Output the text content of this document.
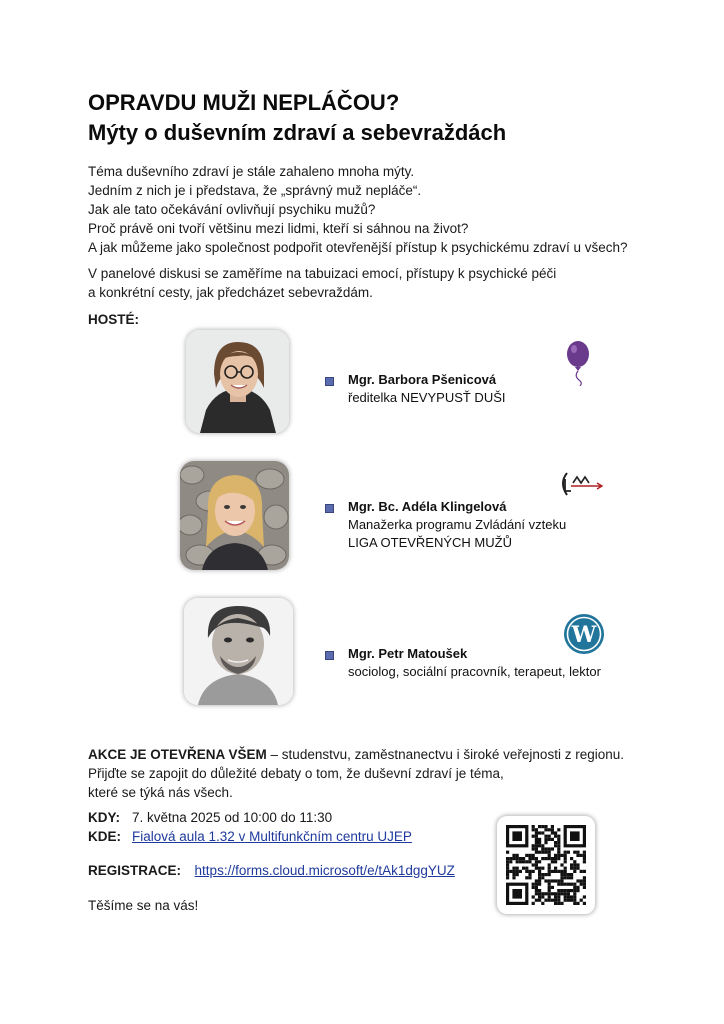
OPRAVDU MUŽI NEPLÁČOU?
Mýty o duševním zdraví a sebevraždách
Téma duševního zdraví je stále zahaleno mnoha mýty.
Jedním z nich je i představa, že „správný muž nepláče“.
Jak ale tato očekávání ovlivňují psychiku mužů?
Proč právě oni tvoří většinu mezi lidmi, kteří si sáhnou na život?
A jak můžeme jako společnost podpořit otevřenější přístup k psychickému zdraví u všech?
V panelové diskusi se zaměříme na tabuizaci emocí, přístupy k psychické péči
a konkrétní cesty, jak předcházet sebevraždám.
HOSTÉ:
Mgr. Barbora Pšenicová
ředitelka NEVYPUSŤ DUŠI
Mgr. Bc. Adéla Klingelová
Manažerka programu Zvládání vzteku
LIGA OTEVŘENÝCH MUŽŮ
Mgr. Petr Matoušek
sociolog, sociální pracovník, terapeut, lektor
W
AKCE JE OTEVŘENA VŠEM – studenstvu, zaměstnanectvu i široké veřejnosti z regionu.
Přijďte se zapojit do důležité debaty o tom, že duševní zdraví je téma,
které se týká nás všech.
KDY: 7. května 2025 od 10:00 do 11:30
KDE: Fialová aula 1.32 v Multifunkčním centru UJEP
REGISTRACE: https://forms.cloud.microsoft/e/tAk1dggYUZ
Těšíme se na vás!
